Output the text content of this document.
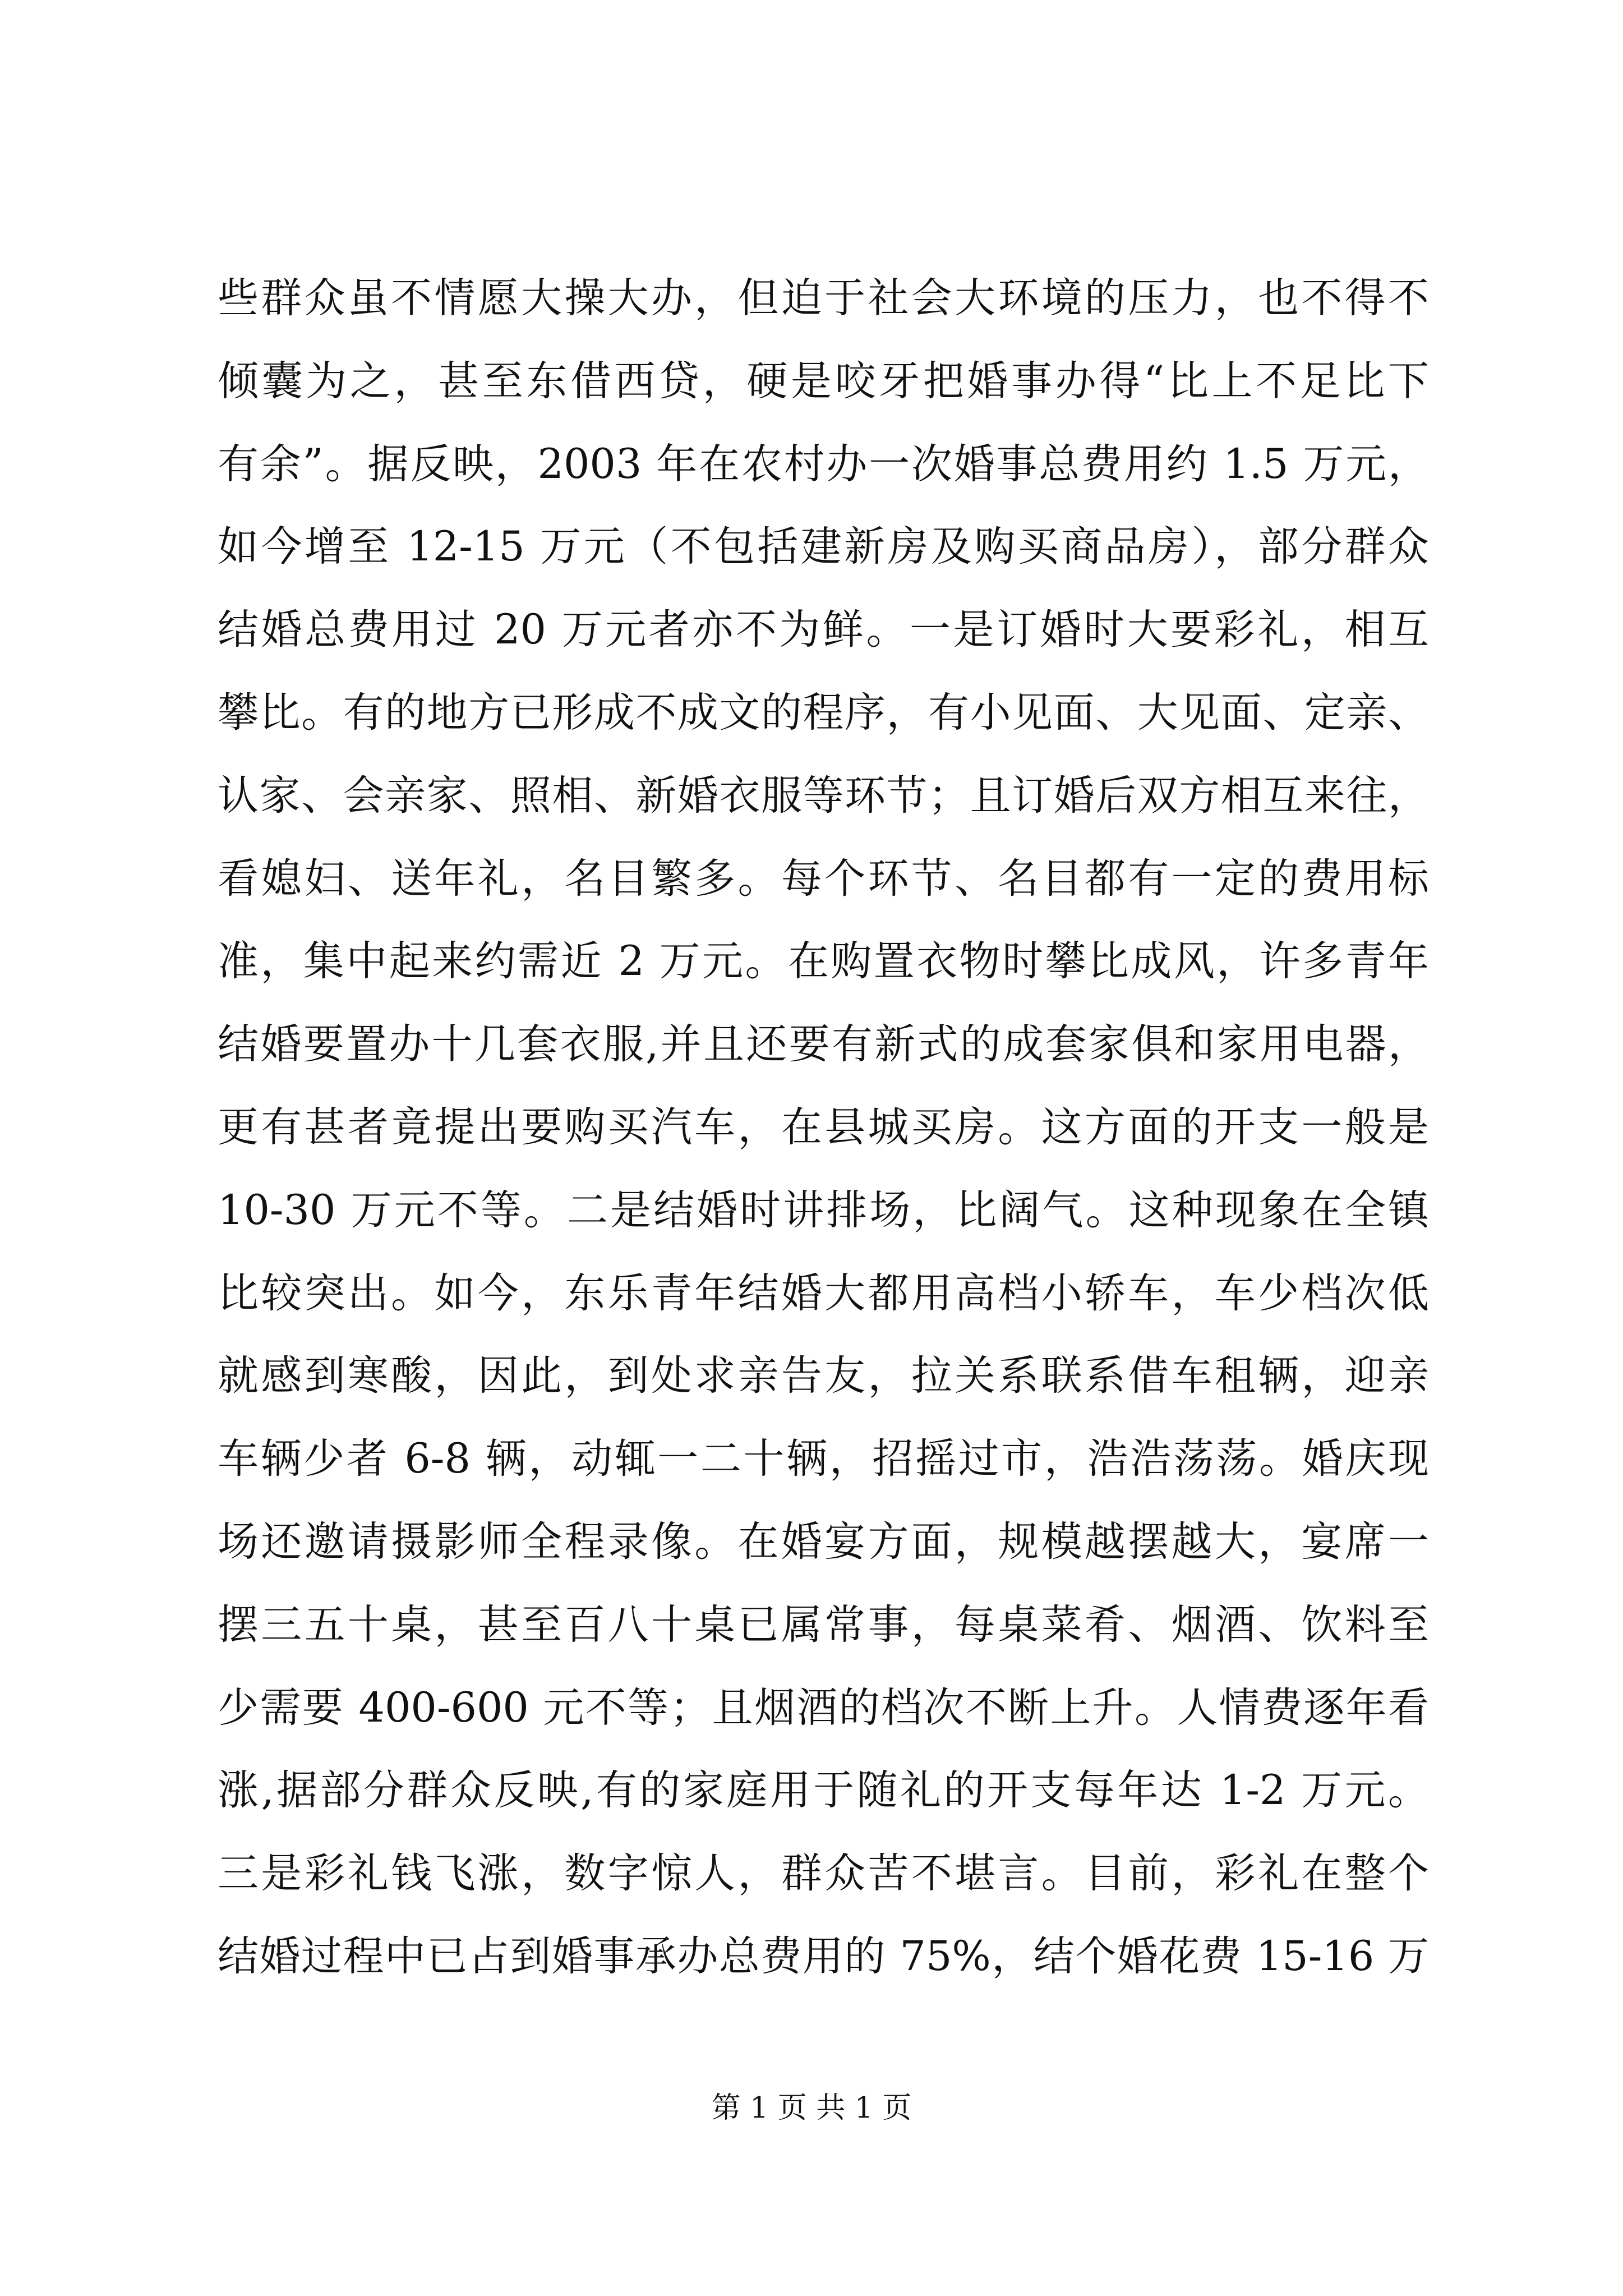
些群众虽不情愿大操大办，但迫于社会大环境的压力，也不得不
倾囊为之，甚至东借西贷，硬是咬牙把婚事办得“比上不足比下
有余”。据反映，2003 年在农村办一次婚事总费用约 1.5 万元，
如今增至 12-15 万元（不包括建新房及购买商品房），部分群众
结婚总费用过 20 万元者亦不为鲜。一是订婚时大要彩礼，相互
攀比。有的地方已形成不成文的程序，有小见面、大见面、定亲、
认家、会亲家、照相、新婚衣服等环节；且订婚后双方相互来往，
看媳妇、送年礼，名目繁多。每个环节、名目都有一定的费用标
准，集中起来约需近 2 万元。在购置衣物时攀比成风，许多青年
结婚要置办十几套衣服,并且还要有新式的成套家俱和家用电器，
更有甚者竟提出要购买汽车，在县城买房。这方面的开支一般是
10-30 万元不等。二是结婚时讲排场，比阔气。这种现象在全镇
比较突出。如今，东乐青年结婚大都用高档小轿车，车少档次低
就感到寒酸，因此，到处求亲告友，拉关系联系借车租辆，迎亲
车辆少者 6-8 辆，动辄一二十辆，招摇过市，浩浩荡荡。婚庆现
场还邀请摄影师全程录像。在婚宴方面，规模越摆越大，宴席一
摆三五十桌，甚至百八十桌已属常事，每桌菜肴、烟酒、饮料至
少需要 400-600 元不等；且烟酒的档次不断上升。人情费逐年看
涨,据部分群众反映,有的家庭用于随礼的开支每年达 1-2 万元。
三是彩礼钱飞涨，数字惊人，群众苦不堪言。目前，彩礼在整个
结婚过程中已占到婚事承办总费用的 75%，结个婚花费 15-16 万
第 1 页 共 1 页
